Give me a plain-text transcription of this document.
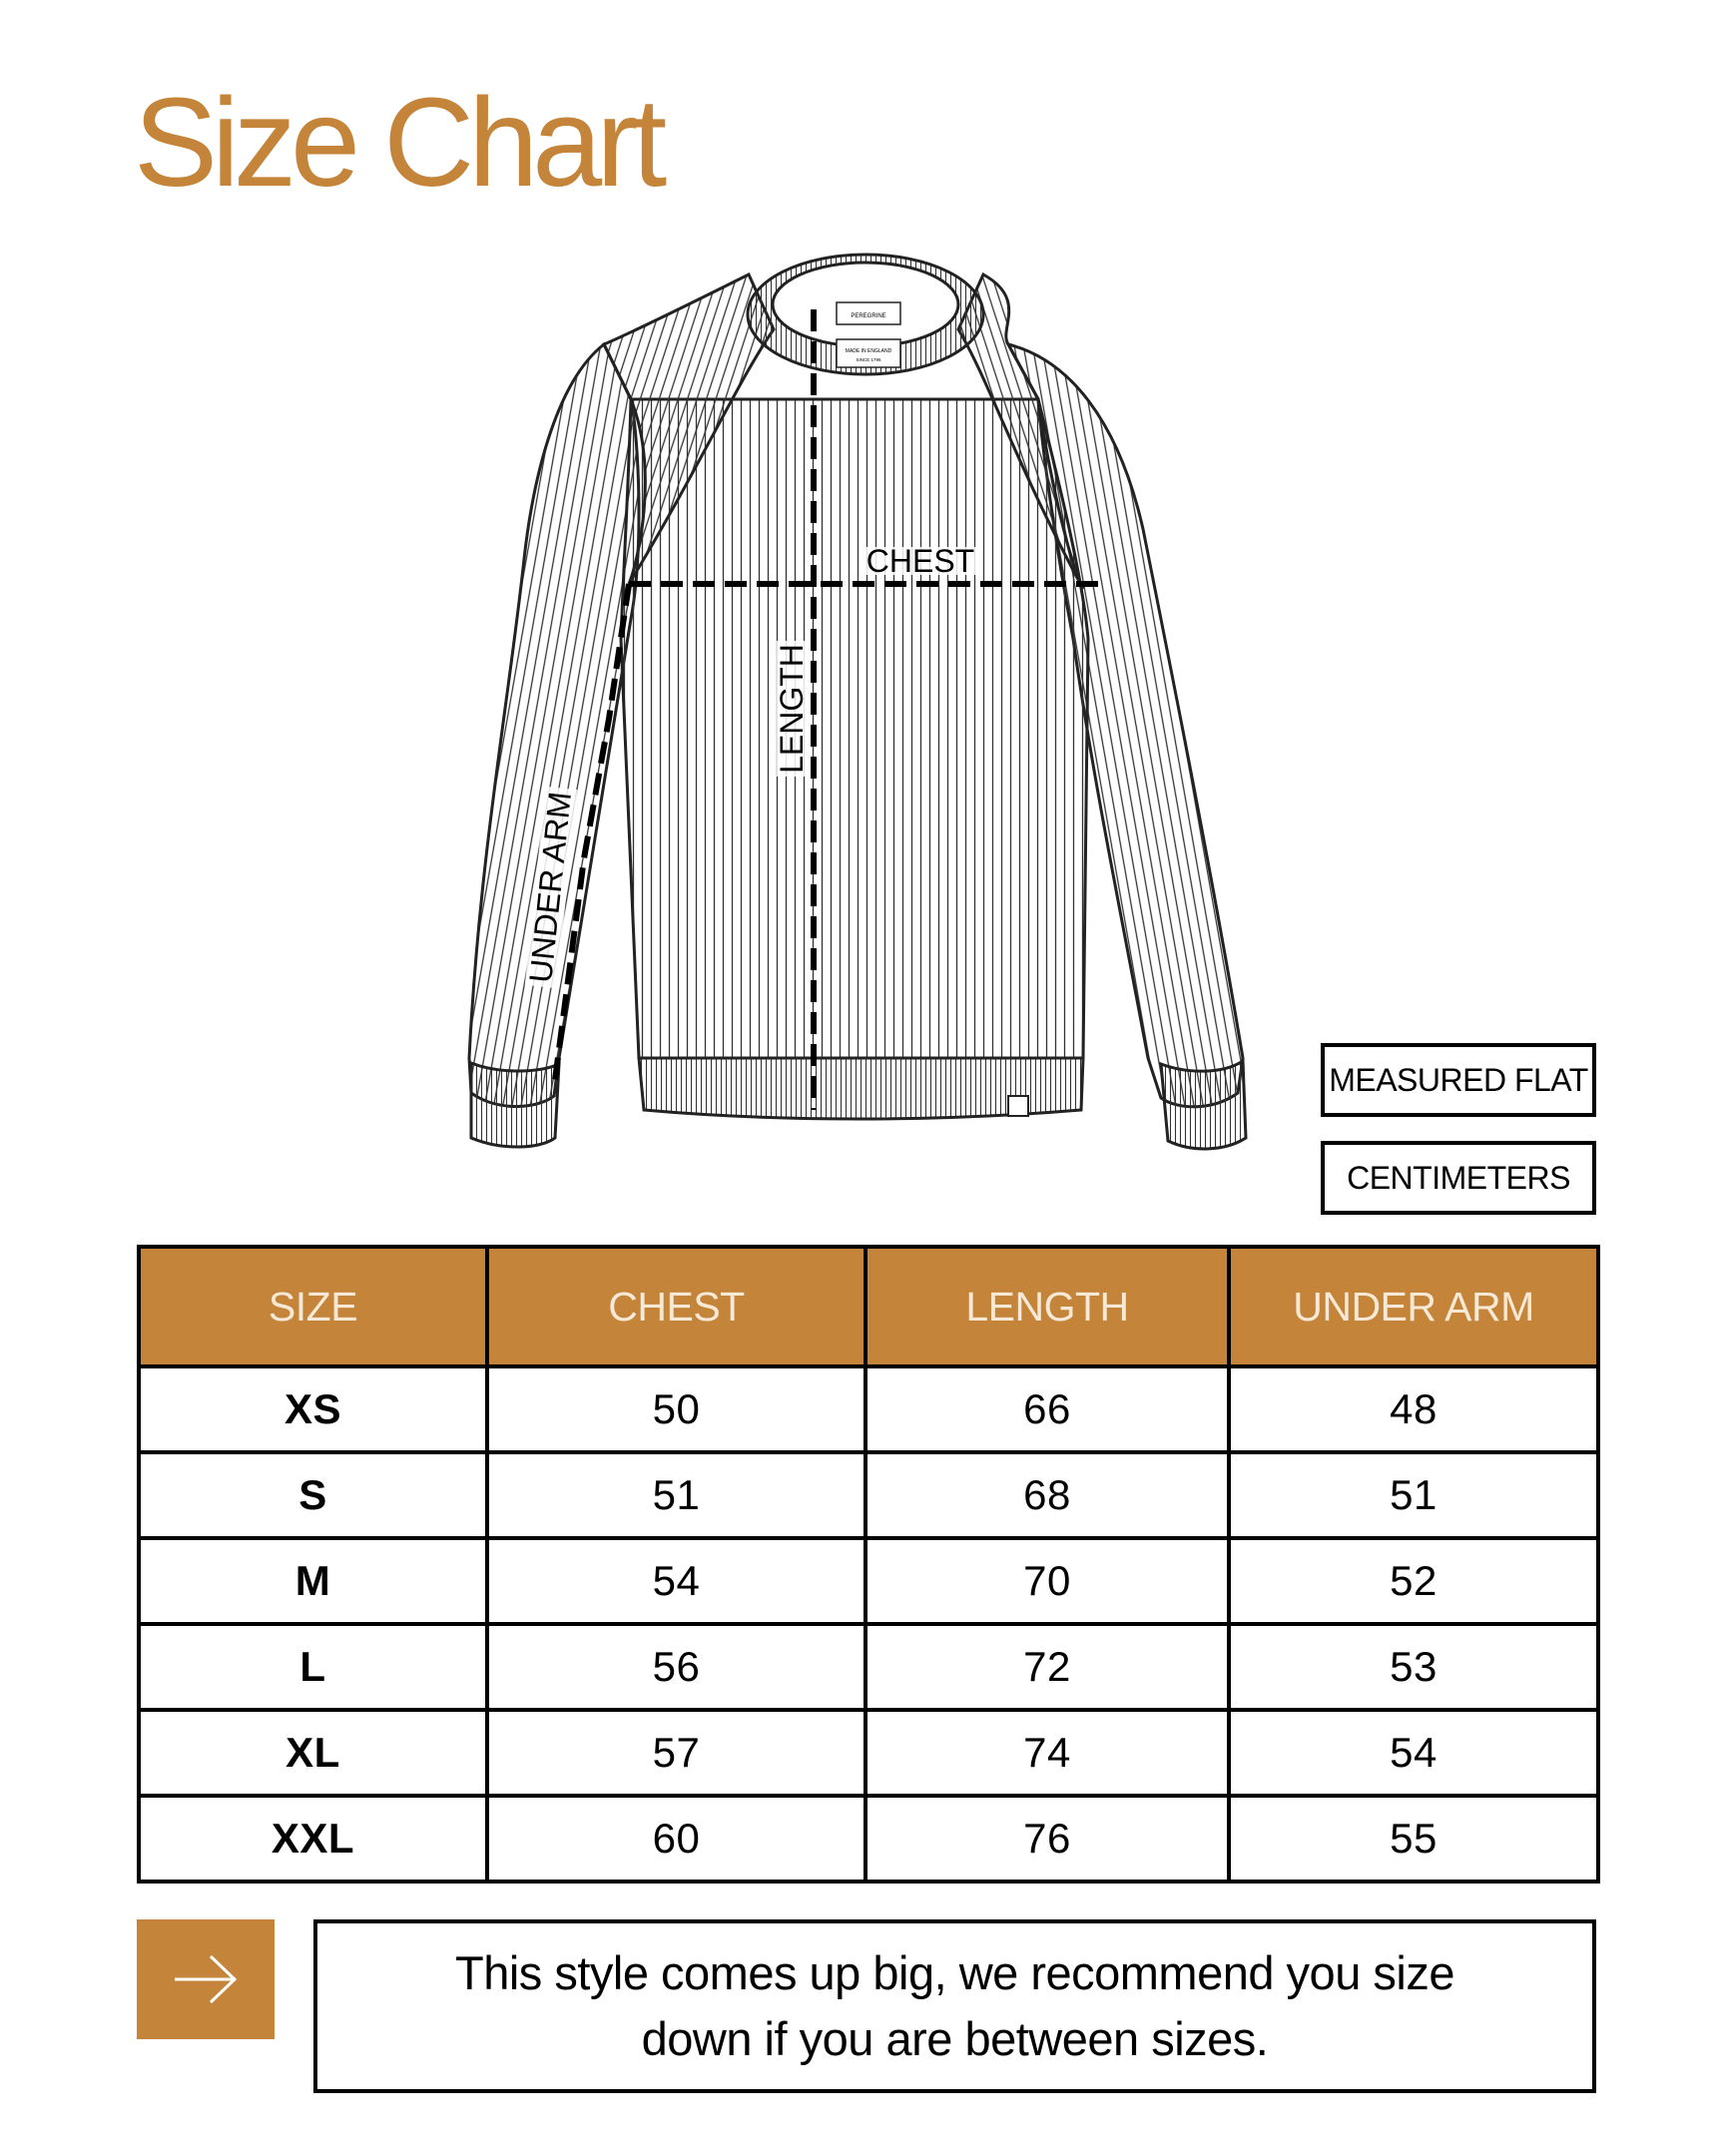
Size Chart
PEREGRINE
MADE IN ENGLAND
SINCE 1796
CHEST
LENGTH
UNDER ARM
MEASURED FLAT
CENTIMETERS
SIZE	CHEST	LENGTH	UNDER ARM
XS	50	66	48
S	51	68	51
M	54	70	52
L	56	72	53
XL	57	74	54
XXL	60	76	55
This style comes up big, we recommend you size down if you are between sizes.
